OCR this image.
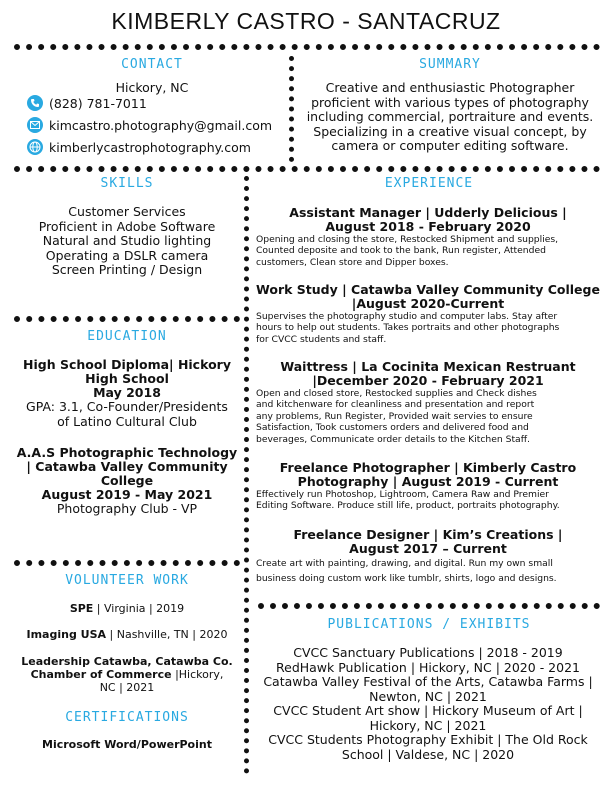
KIMBERLY CASTRO - SANTACRUZ
CONTACT
Hickory, NC
(828) 781-7011
kimcastro.photography@gmail.com
kimberlycastrophotography.com
SUMMARY
Creative and enthusiastic Photographer
proficient with various types of photography
including commercial, portraiture and events.
Specializing in a creative visual concept, by
camera or computer editing software.
SKILLS
Customer Services
Proficient in Adobe Software
Natural and Studio lighting
Operating a DSLR camera
Screen Printing / Design
EDUCATION
High School Diploma| Hickory
High School
May 2018
GPA: 3.1, Co-Founder/Presidents
of Latino Cultural Club
A.A.S Photographic Technology
| Catawba Valley Community
College
August 2019 - May 2021
Photography Club - VP
VOLUNTEER WORK
SPE | Virginia | 2019
Imaging USA | Nashville, TN | 2020
Leadership Catawba, Catawba Co.
Chamber of Commerce |Hickory,
NC | 2021
CERTIFICATIONS
Microsoft Word/PowerPoint
EXPERIENCE
Assistant Manager | Udderly Delicious |
August 2018 - February 2020
Opening and closing the store, Restocked Shipment and supplies,
Counted deposite and took to the bank, Run register, Attended
customers, Clean store and Dipper boxes.
Work Study | Catawba Valley Community College
|August 2020-Current
Supervises the photography studio and computer labs. Stay after
hours to help out students. Takes portraits and other photographs
for CVCC students and staff.
Waittress | La Cocinita Mexican Restruant
|December 2020 - February 2021
Open and closed store, Restocked supplies and Check dishes
and kitchenware for cleanliness and presentation and report
any problems, Run Register, Provided wait servies to ensure
Satisfaction, Took customers orders and delivered food and
beverages, Communicate order details to the Kitchen Staff.
Freelance Photographer | Kimberly Castro
Photography | August 2019 - Current
Effectively run Photoshop, Lightroom, Camera Raw and Premier
Editing Software. Produce still life, product, portraits photography.
Freelance Designer | Kim’s Creations |
August 2017 – Current
Create art with painting, drawing, and digital. Run my own small
business doing custom work like tumblr, shirts, logo and designs.
PUBLICATIONS / EXHIBITS
CVCC Sanctuary Publications | 2018 - 2019
RedHawk Publication | Hickory, NC | 2020 - 2021
Catawba Valley Festival of the Arts, Catawba Farms |
Newton, NC | 2021
CVCC Student Art show | Hickory Museum of Art |
Hickory, NC | 2021
CVCC Students Photography Exhibit | The Old Rock
School | Valdese, NC | 2020
